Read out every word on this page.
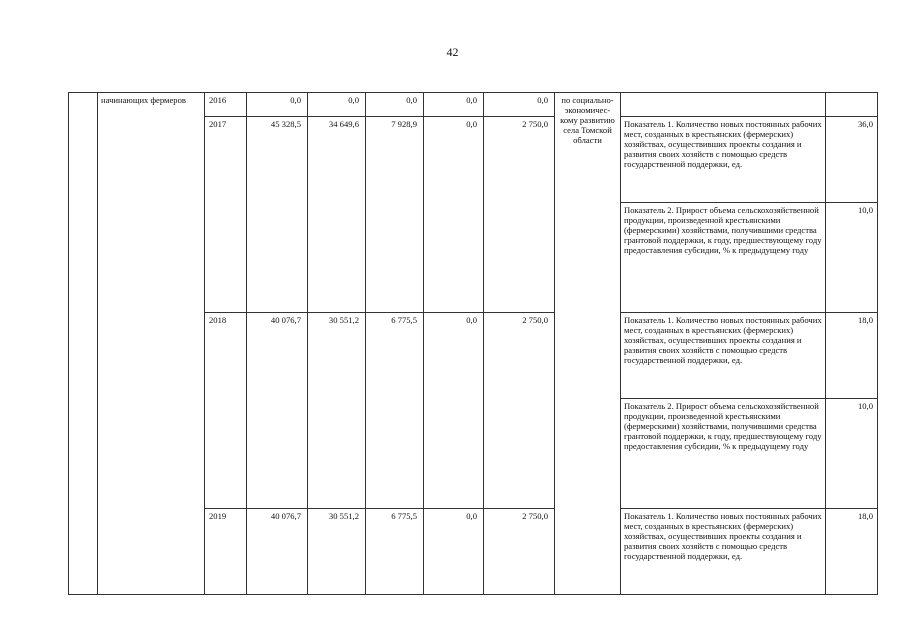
42
	начинающих фермеров	2016	0,0	0,0	0,0	0,0	0,0	по социально-экономичес-кому развитию села Томской области		
		2017	45 328,5	34 649,6	7 928,9	0,0	2 750,0		Показатель 1. Количество новых постоянных рабочих мест, созданных в крестьянских (фермерских) хозяйствах, осуществивших проекты создания и развития своих хозяйств с помощью средств государственной поддержки, ед.	36,0
									Показатель 2. Прирост объема сельскохозяйственной продукции, произведенной крестьянскими (фермерскими) хозяйствами, получившими средства грантовой поддержки, к году, предшествующему году предоставления субсидии, % к предыдущему году	10,0
		2018	40 076,7	30 551,2	6 775,5	0,0	2 750,0		Показатель 1. Количество новых постоянных рабочих мест, созданных в крестьянских (фермерских) хозяйствах, осуществивших проекты создания и развития своих хозяйств с помощью средств государственной поддержки, ед.	18,0
									Показатель 2. Прирост объема сельскохозяйственной продукции, произведенной крестьянскими (фермерскими) хозяйствами, получившими средства грантовой поддержки, к году, предшествующему году предоставления субсидии, % к предыдущему году	10,0
		2019	40 076,7	30 551,2	6 775,5	0,0	2 750,0		Показатель 1. Количество новых постоянных рабочих мест, созданных в крестьянских (фермерских) хозяйствах, осуществивших проекты создания и развития своих хозяйств с помощью средств государственной поддержки, ед.	18,0
